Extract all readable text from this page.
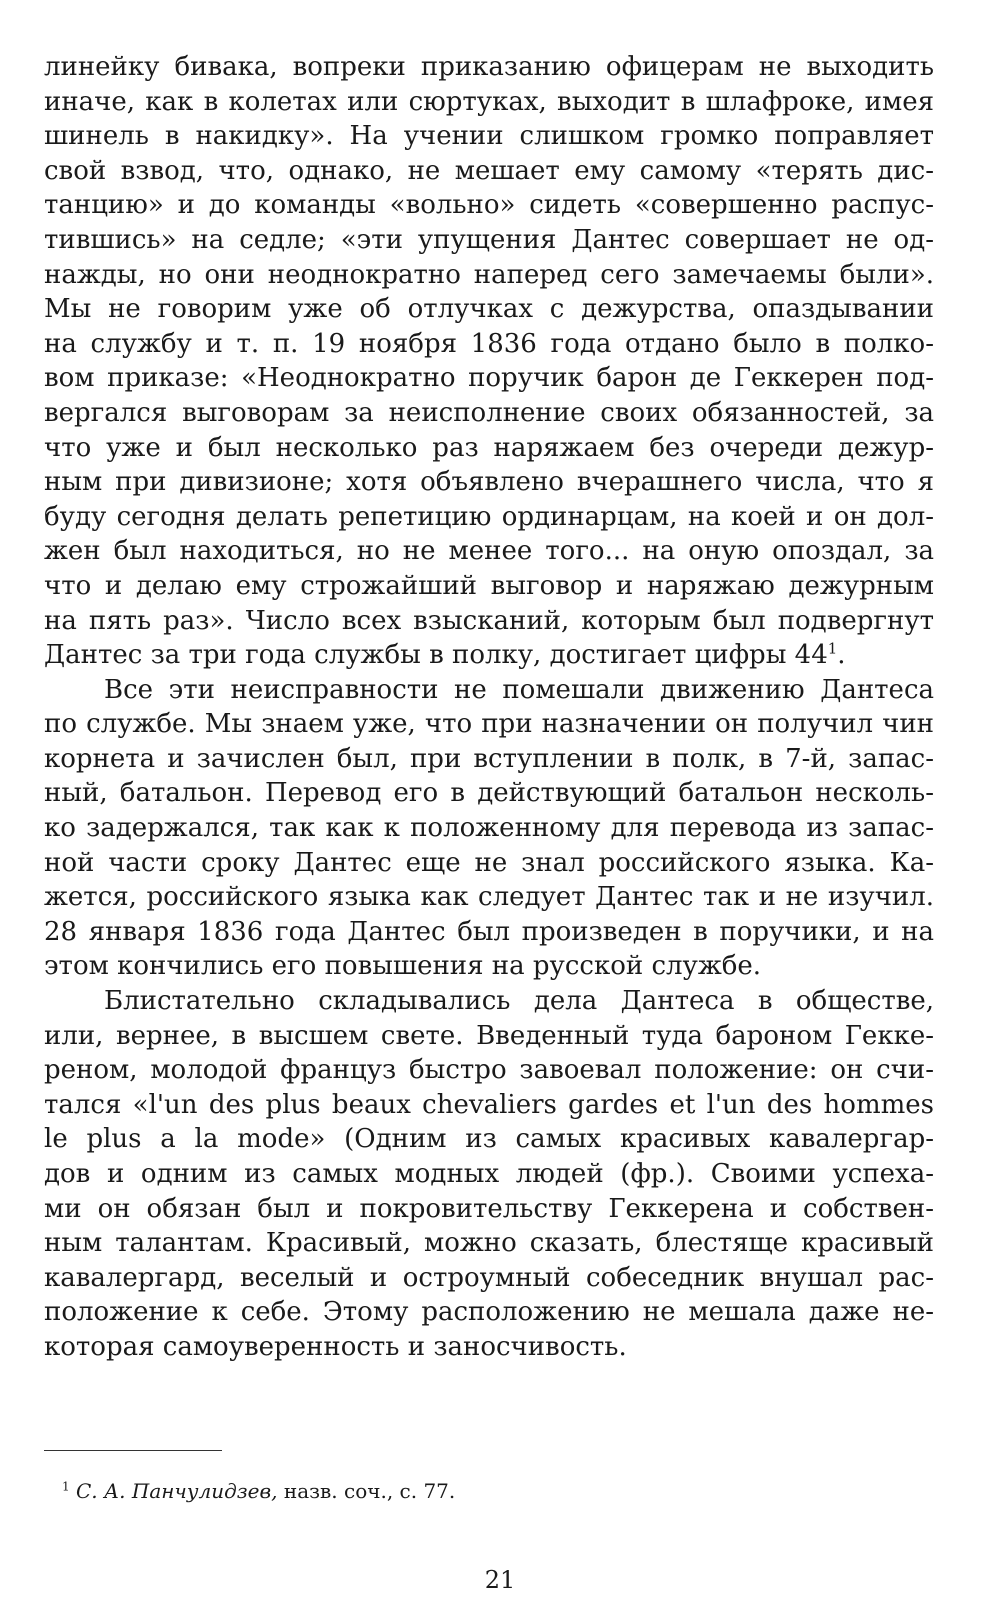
линейку бивака, вопреки приказанию офицерам не выходить
иначе, как в колетах или сюртуках, выходит в шлафроке, имея
шинель в накидку». На учении слишком громко поправляет
свой взвод, что, однако, не мешает ему самому «терять дис-
танцию» и до команды «вольно» сидеть «совершенно распус-
тившись» на седле; «эти упущения Дантес совершает не од-
нажды, но они неоднократно наперед сего замечаемы были».
Мы не говорим уже об отлучках с дежурства, опаздывании
на службу и т. п. 19 ноября 1836 года отдано было в полко-
вом приказе: «Неоднократно поручик барон де Геккерен под-
вергался выговорам за неисполнение своих обязанностей, за
что уже и был несколько раз наряжаем без очереди дежур-
ным при дивизионе; хотя объявлено вчерашнего числа, что я
буду сегодня делать репетицию ординарцам, на коей и он дол-
жен был находиться, но не менее того... на оную опоздал, за
что и делаю ему строжайший выговор и наряжаю дежурным
на пять раз». Число всех взысканий, которым был подвергнут
Дантес за три года службы в полку, достигает цифры $44^1$.
Все эти неисправности не помешали движению Дантеса
по службе. Мы знаем уже, что при назначении он получил чин
корнета и зачислен был, при вступлении в полк, в 7-й, запас-
ный, батальон. Перевод его в действующий батальон несколь-
ко задержался, так как к положенному для перевода из запас-
ной части сроку Дантес еще не знал российского языка. Ка-
жется, российского языка как следует Дантес так и не изучил.
28 января 1836 года Дантес был произведен в поручики, и на
этом кончились его повышения на русской службе.
Блистательно складывались дела Дантеса в обществе,
или, вернее, в высшем свете. Введенный туда бароном Гекке-
реном, молодой француз быстро завоевал положение: он счи-
тался «l'un des plus beaux chevaliers gardes et l'un des hommes
le plus a la mode» (Одним из самых красивых кавалергар-
дов и одним из самых модных людей (фр.). Своими успеха-
ми он обязан был и покровительству Геккерена и собствен-
ным талантам. Красивый, можно сказать, блестяще красивый
кавалергард, веселый и остроумный собеседник внушал рас-
положение к себе. Этому расположению не мешала даже не-
которая самоуверенность и заносчивость.
$^1$ С. А. Панчулидзев, назв. соч., с. 77.
21
